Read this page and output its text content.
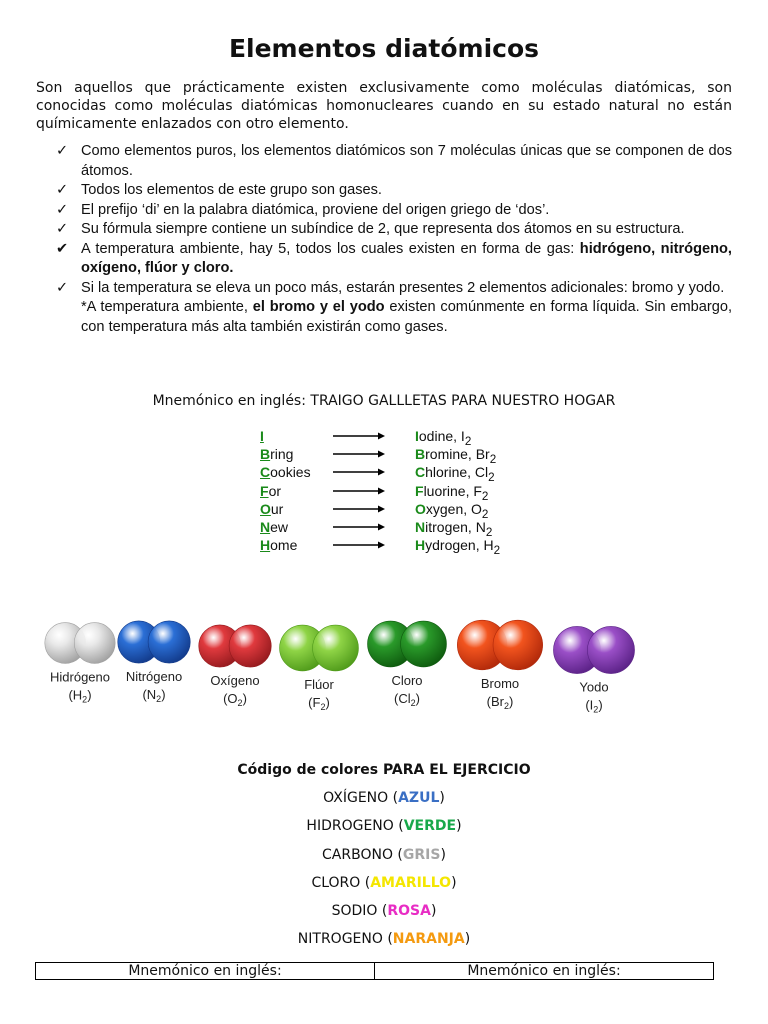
Elementos diatómicos

Son aquellos que prácticamente existen exclusivamente como moléculas diatómicas, son conocidas como moléculas diatómicas homonucleares cuando en su estado natural no están químicamente enlazados con otro elemento.

✓ Como elementos puros, los elementos diatómicos son 7 moléculas únicas que se componen de dos átomos.
✓ Todos los elementos de este grupo son gases.
✓ El prefijo ‘di’ en la palabra diatómica, proviene del origen griego de ‘dos’.
✓ Su fórmula siempre contiene un subíndice de 2, que representa dos átomos en su estructura.
✔ A temperatura ambiente, hay 5, todos los cuales existen en forma de gas: hidrógeno, nitrógeno, oxígeno, flúor y cloro.
✓ Si la temperatura se eleva un poco más, estarán presentes 2 elementos adicionales: bromo y yodo.
*A temperatura ambiente, el bromo y el yodo existen comúnmente en forma líquida. Sin embargo, con temperatura más alta también existirán como gases.
Mnemónico en inglés: TRAIGO GALLLETAS PARA NUESTRO HOGAR
I	Iodine, $I_2$
Bring	Bromine, $Br_2$
Cookies	Chlorine, $Cl_2$
For	Fluorine, $F_2$
Our	Oxygen, $O_2$
New	Nitrogen, $N_2$
Home	Hydrogen, $H_2$
Hidrógeno
$(H_2)$
Nitrógeno
$(N_2)$
Oxígeno
$(O_2)$
Flúor
$(F_2)$
Cloro
$(Cl_2)$
Bromo
$(Br_2)$
Yodo
$(I_2)$
Código de colores PARA EL EJERCICIO
OXÍGENO (AZUL)
HIDROGENO (VERDE)
CARBONO (GRIS)
CLORO (AMARILLO)
SODIO (ROSA)
NITROGENO (NARANJA)
Mnemónico en inglés:	Mnemónico en inglés:
